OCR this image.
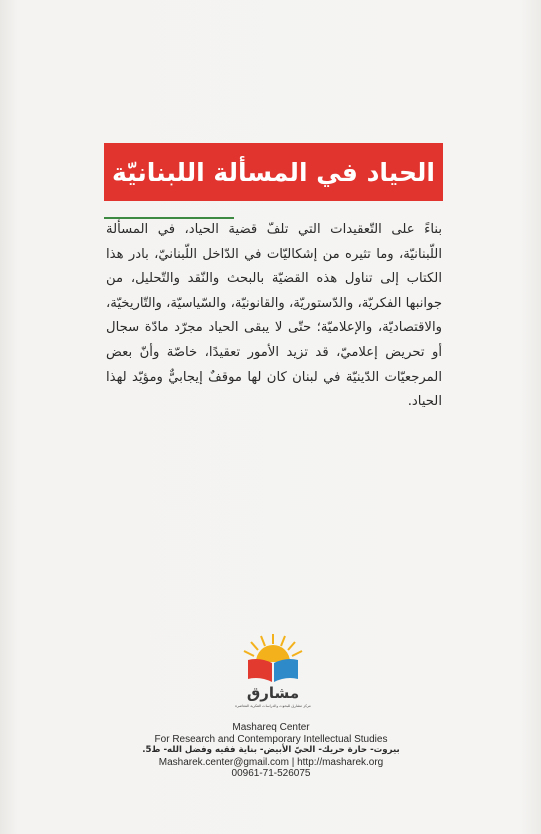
الحياد في المسألة اللبنانيّة

بناءً على التّعقيدات التي تلفّ قضية الحياد، في المسألة اللّبنانيّة، وما تثيره من إشكاليّات في الدّاخل اللّبنانيّ، بادر هذا الكتاب إلى تناول هذه القضيّة بالبحث والنّقد والتّحليل، من جوانبها الفكريّة، والدّستوريّة، والقانونيّة، والسّياسيّة، والتّاريخيّة، والاقتصاديّة، والإعلاميّة؛ حتّى لا يبقى الحياد مجرّد مادّة سجال أو تحريض إعلاميّ، قد تزيد الأمور تعقيدًا، خاصّة وأنّ بعض المرجعيّات الدّينيّة في لبنان كان لها موقفٌ إيجابيٌّ ومؤيّد لهذا الحياد.

مشارق
مركز مشارق للبحوث والدراسات الفكرية المعاصرة
Mashareq Center
For Research and Contemporary Intellectual Studies
بيروت- حارة حريك- الحيّ الأبيض- بناية فقيه وفضل الله- ط5.
Masharek.center@gmail.com | http://masharek.org
00961-71-526075
